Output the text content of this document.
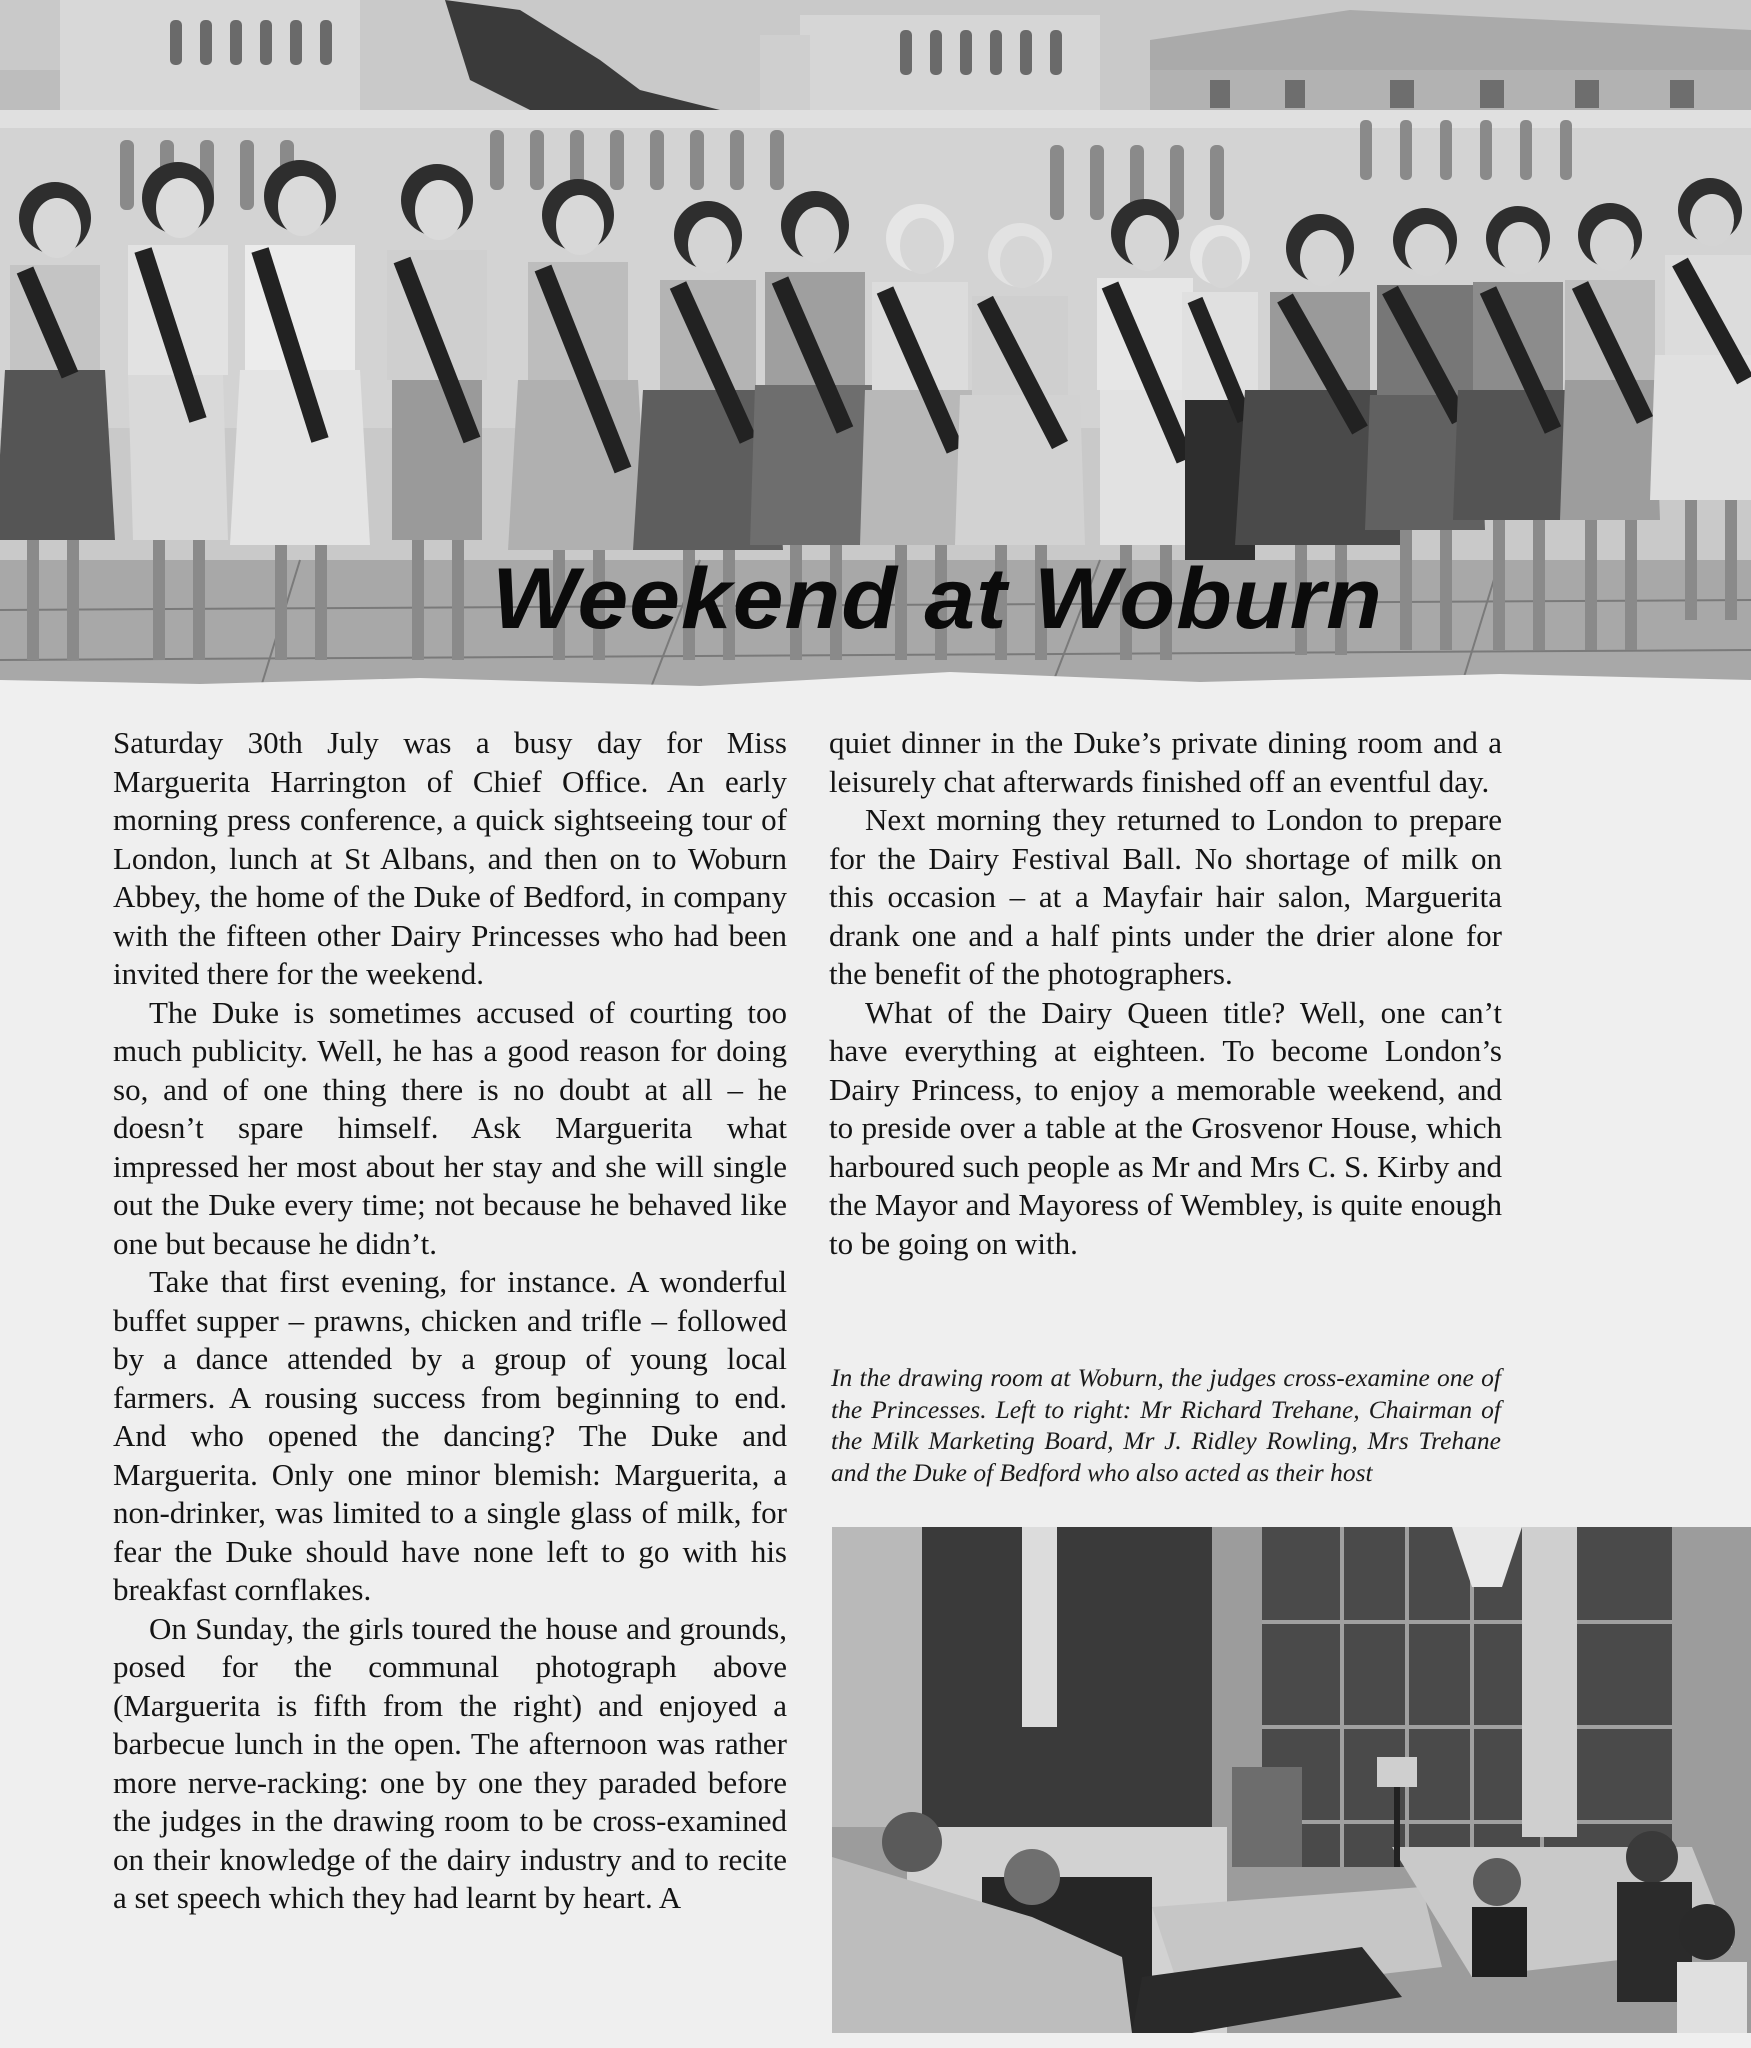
Weekend at Woburn

Saturday 30th July was a busy day for Miss Marguerita Harrington of Chief Office. An early morning press conference, a quick sightseeing tour of London, lunch at St Albans, and then on to Woburn Abbey, the home of the Duke of Bedford, in company with the fifteen other Dairy Princesses who had been invited there for the weekend.

The Duke is sometimes accused of courting too much publicity. Well, he has a good reason for doing so, and of one thing there is no doubt at all – he doesn’t spare himself. Ask Marguerita what impressed her most about her stay and she will single out the Duke every time; not because he behaved like one but because he didn’t.

Take that first evening, for instance. A wonderful buffet supper – prawns, chicken and trifle – followed by a dance attended by a group of young local farmers. A rousing success from beginning to end. And who opened the dancing? The Duke and Marguerita. Only one minor blemish: Marguerita, a non-drinker, was limited to a single glass of milk, for fear the Duke should have none left to go with his breakfast cornflakes.

On Sunday, the girls toured the house and grounds, posed for the communal photograph above (Marguerita is fifth from the right) and enjoyed a barbecue lunch in the open. The afternoon was rather more nerve-racking: one by one they paraded before the judges in the drawing room to be cross-examined on their knowledge of the dairy industry and to recite a set speech which they had learnt by heart. A

quiet dinner in the Duke’s private dining room and a leisurely chat afterwards finished off an eventful day.

Next morning they returned to London to prepare for the Dairy Festival Ball. No shortage of milk on this occasion – at a Mayfair hair salon, Marguerita drank one and a half pints under the drier alone for the benefit of the photographers.

What of the Dairy Queen title? Well, one can’t have everything at eighteen. To become London’s Dairy Princess, to enjoy a memorable weekend, and to preside over a table at the Grosvenor House, which harboured such people as Mr and Mrs C. S. Kirby and the Mayor and Mayoress of Wembley, is quite enough to be going on with.

In the drawing room at Woburn, the judges cross-examine one of the Princesses. Left to right: Mr Richard Trehane, Chairman of the Milk Marketing Board, Mr J. Ridley Rowling, Mrs Trehane and the Duke of Bedford who also acted as their host
